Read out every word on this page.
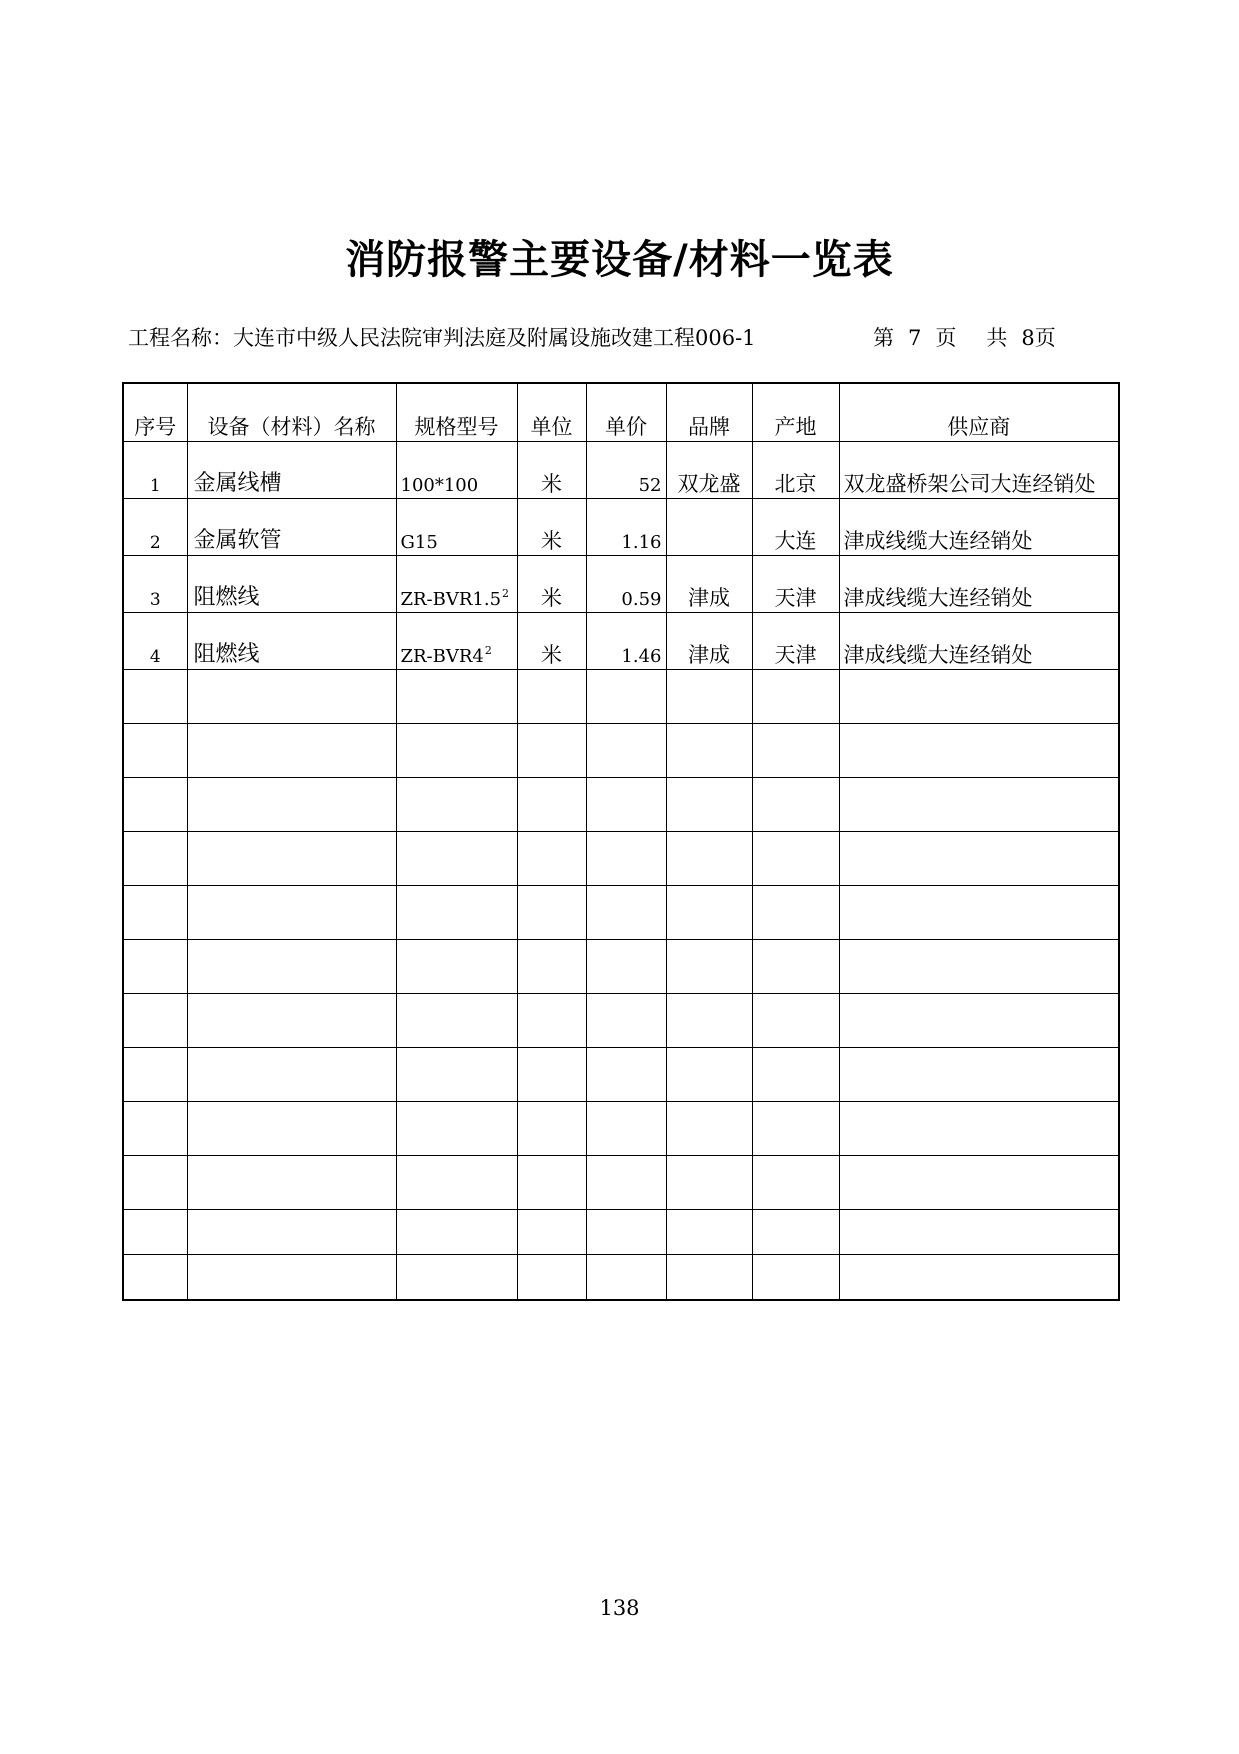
消防报警主要设备/材料一览表
工程名称：大连市中级人民法院审判法庭及附属设施改建工程006-1	第 7 页 共 8页
序号	设备（材料）名称	规格型号	单位	单价	品牌	产地	供应商
1	金属线槽	100*100	米	52	双龙盛	北京	双龙盛桥架公司大连经销处
2	金属软管	G15	米	1.16		大连	津成线缆大连经销处
3	阻燃线	$ZR-BVR1.5^2$	米	0.59	津成	天津	津成线缆大连经销处
4	阻燃线	$ZR-BVR4^2$	米	1.46	津成	天津	津成线缆大连经销处

138
